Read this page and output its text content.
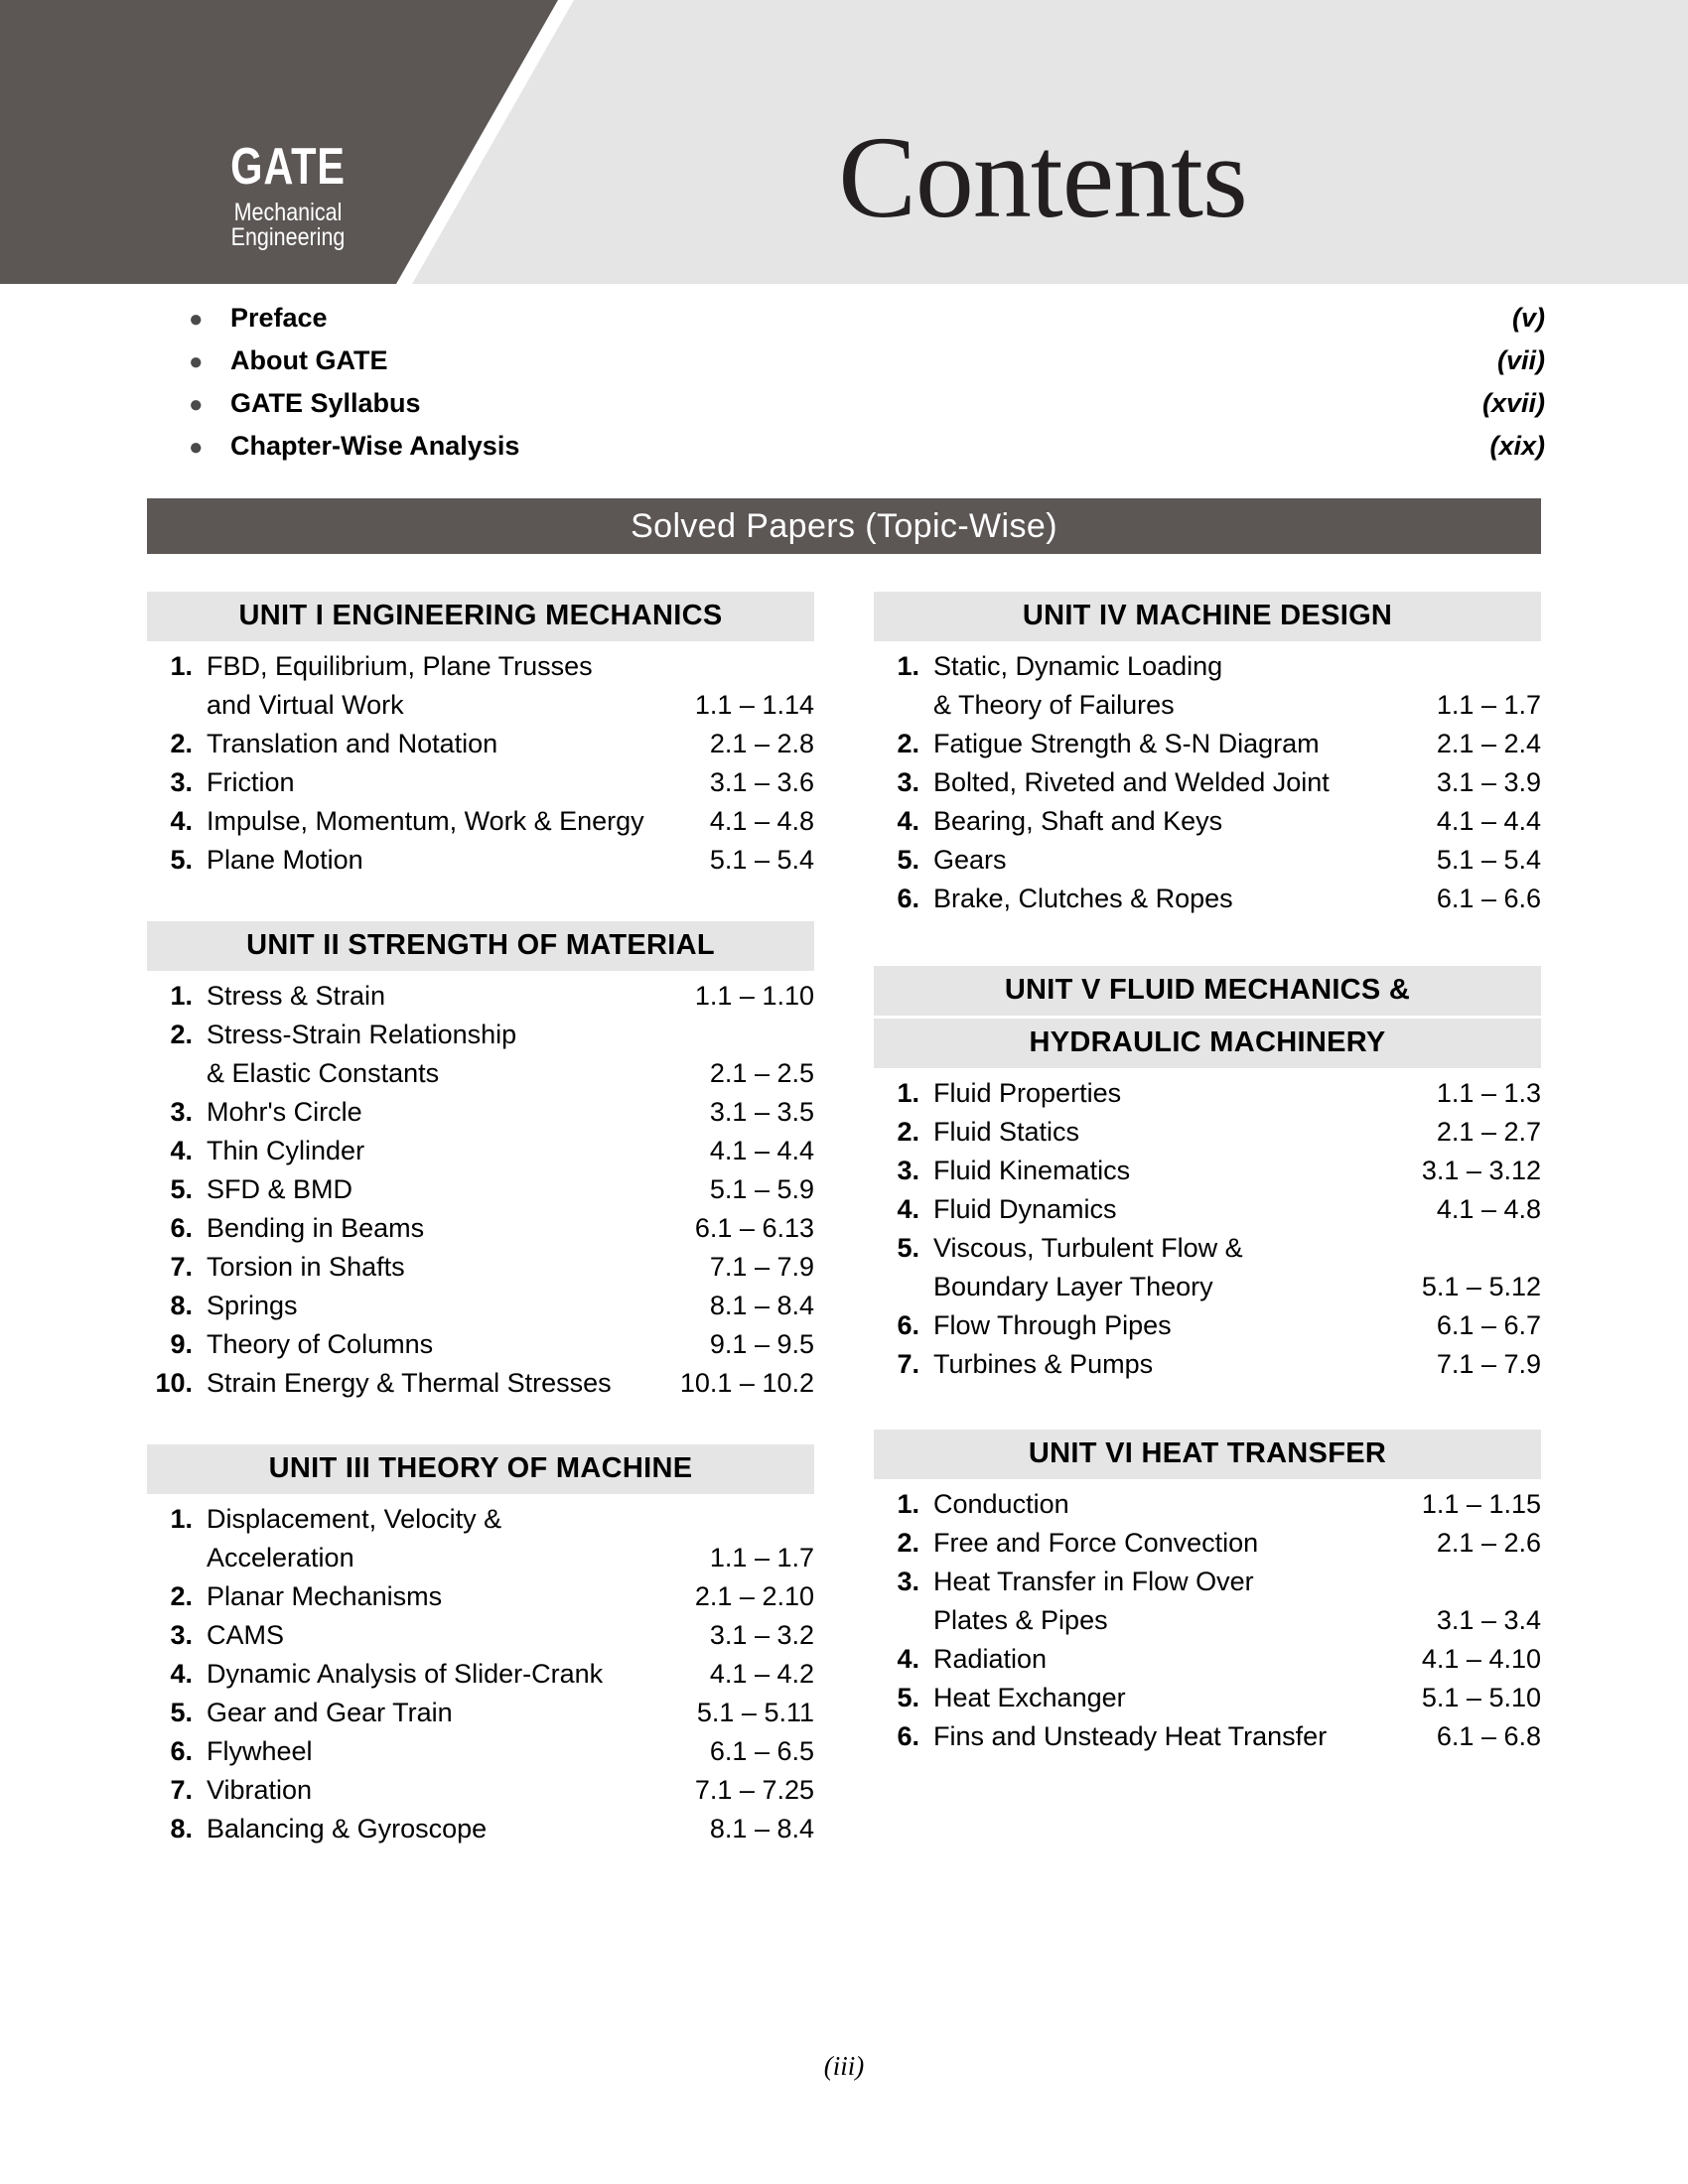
GATE
Mechanical Engineering	Contents
●	Preface	(v)
●	About GATE	(vii)
●	GATE Syllabus	(xvii)
●	Chapter-Wise Analysis	(xix)
Solved Papers (Topic-Wise)
UNIT I ENGINEERING MECHANICS
1. FBD, Equilibrium, Plane Trusses
and Virtual Work	1.1 – 1.14
2. Translation and Notation	2.1 – 2.8
3. Friction	3.1 – 3.6
4. Impulse, Momentum, Work & Energy	4.1 – 4.8
5. Plane Motion	5.1 – 5.4
UNIT II STRENGTH OF MATERIAL
1. Stress & Strain	1.1 – 1.10
2. Stress-Strain Relationship
& Elastic Constants	2.1 – 2.5
3. Mohr's Circle	3.1 – 3.5
4. Thin Cylinder	4.1 – 4.4
5. SFD & BMD	5.1 – 5.9
6. Bending in Beams	6.1 – 6.13
7. Torsion in Shafts	7.1 – 7.9
8. Springs	8.1 – 8.4
9. Theory of Columns	9.1 – 9.5
10. Strain Energy & Thermal Stresses	10.1 – 10.2
UNIT III THEORY OF MACHINE
1. Displacement, Velocity &
Acceleration	1.1 – 1.7
2. Planar Mechanisms	2.1 – 2.10
3. CAMS	3.1 – 3.2
4. Dynamic Analysis of Slider-Crank	4.1 – 4.2
5. Gear and Gear Train	5.1 – 5.11
6. Flywheel	6.1 – 6.5
7. Vibration	7.1 – 7.25
8. Balancing & Gyroscope	8.1 – 8.4
UNIT IV MACHINE DESIGN
1. Static, Dynamic Loading
& Theory of Failures	1.1 – 1.7
2. Fatigue Strength & S-N Diagram	2.1 – 2.4
3. Bolted, Riveted and Welded Joint	3.1 – 3.9
4. Bearing, Shaft and Keys	4.1 – 4.4
5. Gears	5.1 – 5.4
6. Brake, Clutches & Ropes	6.1 – 6.6
UNIT V FLUID MECHANICS &
HYDRAULIC MACHINERY
1. Fluid Properties	1.1 – 1.3
2. Fluid Statics	2.1 – 2.7
3. Fluid Kinematics	3.1 – 3.12
4. Fluid Dynamics	4.1 – 4.8
5. Viscous, Turbulent Flow &
Boundary Layer Theory	5.1 – 5.12
6. Flow Through Pipes	6.1 – 6.7
7. Turbines & Pumps	7.1 – 7.9
UNIT VI HEAT TRANSFER
1. Conduction	1.1 – 1.15
2. Free and Force Convection	2.1 – 2.6
3. Heat Transfer in Flow Over
Plates & Pipes	3.1 – 3.4
4. Radiation	4.1 – 4.10
5. Heat Exchanger	5.1 – 5.10
6. Fins and Unsteady Heat Transfer	6.1 – 6.8
(iii)
